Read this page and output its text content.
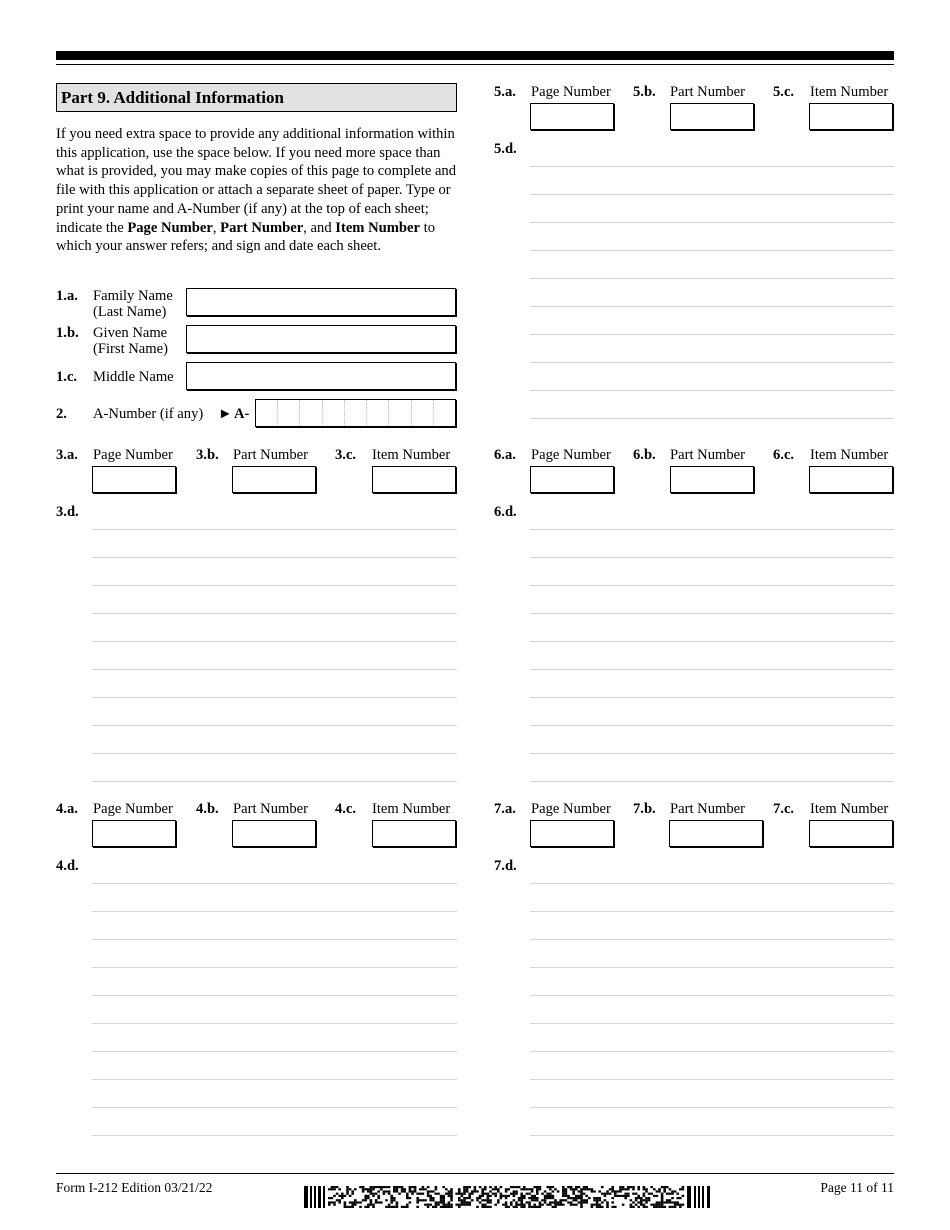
Part 9. Additional Information
If you need extra space to provide any additional information within this application, use the space below. If you need more space than what is provided, you may make copies of this page to complete and file with this application or attach a separate sheet of paper. Type or print your name and A-Number (if any) at the top of each sheet; indicate the Page Number, Part Number, and Item Number to which your answer refers; and sign and date each sheet.
1.a. Family Name
(Last Name)
1.b. Given Name
(First Name)
1.c. Middle Name
2. A-Number (if any) ► A-
3.a. Page Number 3.b. Part Number 3.c. Item Number
3.d.
4.a. Page Number 4.b. Part Number 4.c. Item Number
4.d.
5.a. Page Number 5.b. Part Number 5.c. Item Number
5.d.
6.a. Page Number 6.b. Part Number 6.c. Item Number
6.d.
7.a. Page Number 7.b. Part Number 7.c. Item Number
7.d.
Form I-212 Edition 03/21/22	Page 11 of 11
